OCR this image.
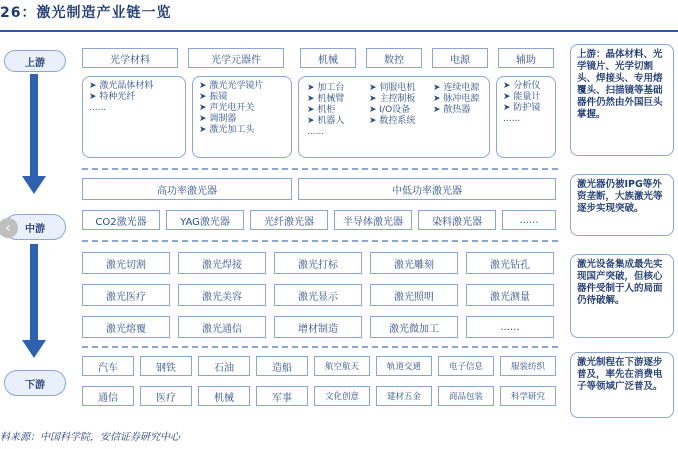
26：激光制造产业链一览
上游
中游
下游
‹
光学材料	光学元器件	机械	数控	电源	辅助
➤ 激光晶体材料
➤ 特种光纤
......
➤ 激光光学镜片
➤ 振镜
➤ 声光电开关
➤ 调制器
➤ 激光加工头
➤ 加工台
➤ 机械臂
➤ 机柜
➤ 机器人
......
➤ 伺服电机
➤ 主控制板
➤ I/O设备
➤ 数控系统
➤ 连续电源
➤ 脉冲电源
➤ 散热器
➤ 分析仪
➤ 能量计
➤ 防护镜
......
高功率激光器	中低功率激光器
CO2激光器	YAG激光器	光纤激光器	半导体激光器	染料激光器	......
激光切割	激光焊接	激光打标	激光雕刻	激光钻孔
激光医疗	激光美容	激光显示	激光照明	激光测量
激光熔覆	激光通信	增材制造	激光微加工	......
汽车	钢铁	石油	造船	航空航天	轨道交通	电子信息	服装纺织
通信	医疗	机械	军事	文化创意	建材五金	商品包装	科学研究
上游：晶体材料、光学镜片、光学切割头、焊接头、专用熔覆头、扫描镜等基础器件仍然由外国巨头掌握。
激光器仍被IPG等外资垄断，大族激光等逐步实现突破。
激光设备集成最先实现国产突破，但核心器件受制于人的局面仍待破解。
激光制程在下游逐步普及，率先在消费电子等领域广泛普及。
料来源：中国科学院，安信证券研究中心
